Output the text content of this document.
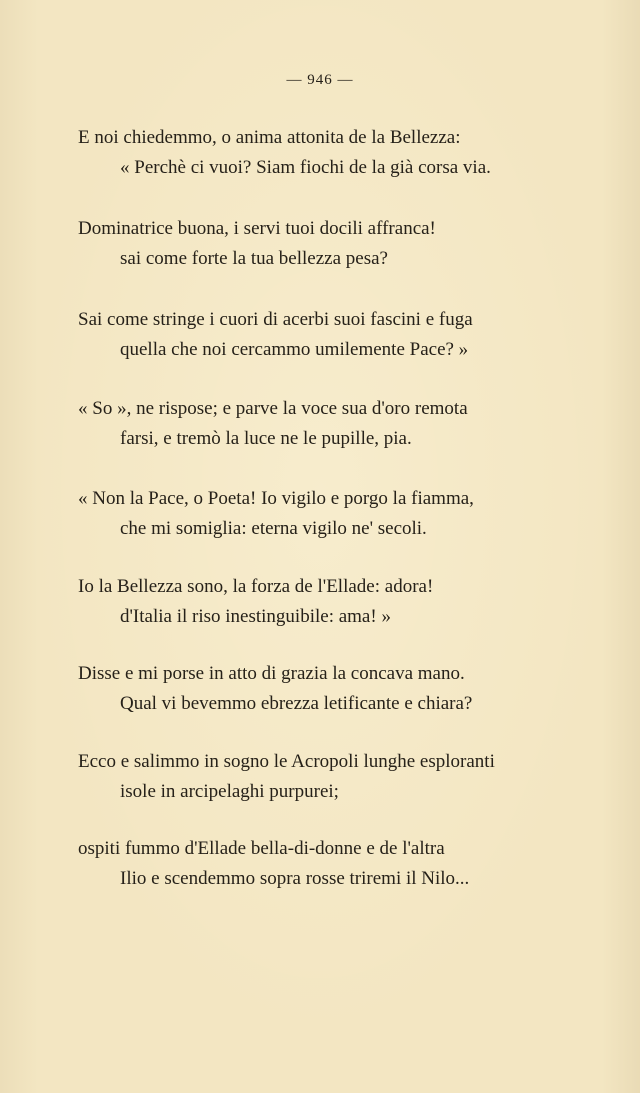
— 946 —
E noi chiedemmo, o anima attonita de la Bellezza:
« Perchè ci vuoi? Siam fiochi de la già corsa via.
Dominatrice buona, i servi tuoi docili affranca!
sai come forte la tua bellezza pesa?
Sai come stringe i cuori di acerbi suoi fascini e fuga
quella che noi cercammo umilemente Pace? »
« So », ne rispose; e parve la voce sua d'oro remota
farsi, e tremò la luce ne le pupille, pia.
« Non la Pace, o Poeta! Io vigilo e porgo la fiamma,
che mi somiglia: eterna vigilo ne' secoli.
Io la Bellezza sono, la forza de l'Ellade: adora!
d'Italia il riso inestinguibile: ama! »
Disse e mi porse in atto di grazia la concava mano.
Qual vi bevemmo ebrezza letificante e chiara?
Ecco e salimmo in sogno le Acropoli lunghe esploranti
isole in arcipelaghi purpurei;
ospiti fummo d'Ellade bella-di-donne e de l'altra
Ilio e scendemmo sopra rosse triremi il Nilo...
